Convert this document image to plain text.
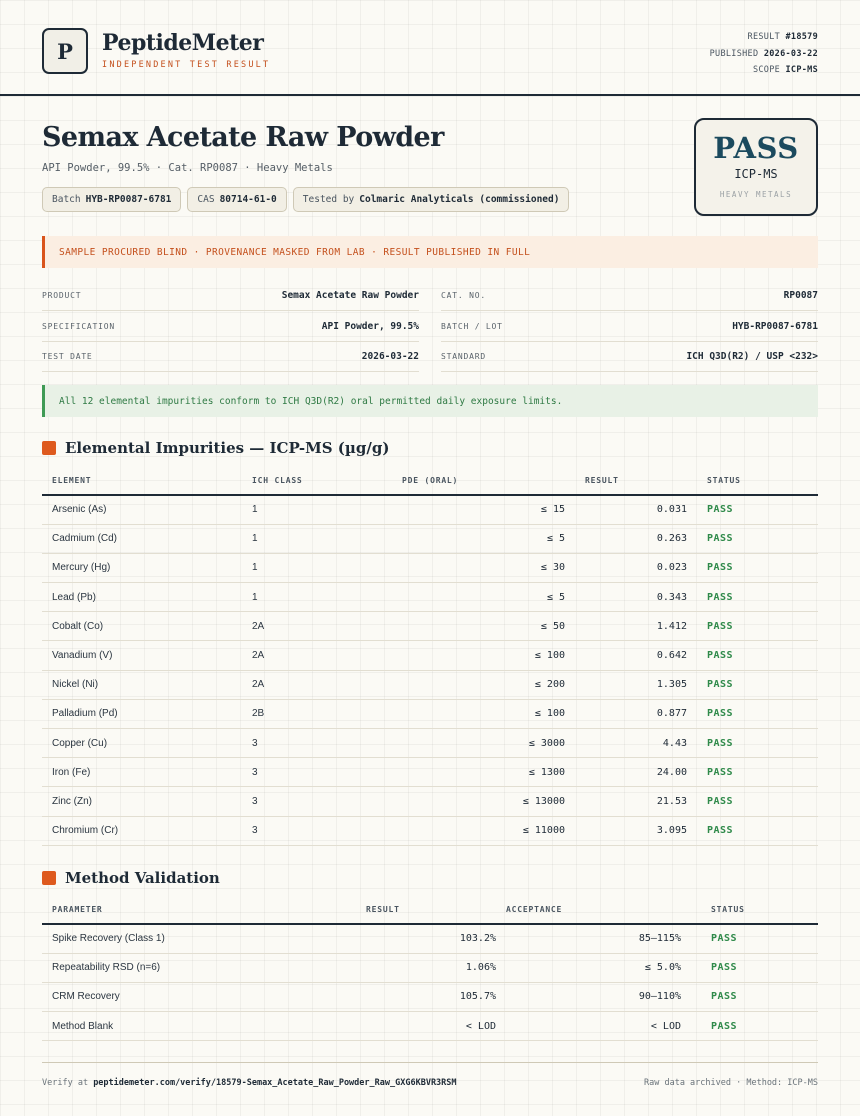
P	PeptideMeter
INDEPENDENT TEST RESULT
RESULT #18579
PUBLISHED 2026-03-22
SCOPE ICP-MS
Semax Acetate Raw Powder
API Powder, 99.5% · Cat. RP0087 · Heavy Metals
Batch HYB-RP0087-6781	CAS 80714-61-0	Tested by Colmaric Analyticals (commissioned)
PASS
ICP-MS
HEAVY METALS
SAMPLE PROCURED BLIND · PROVENANCE MASKED FROM LAB · RESULT PUBLISHED IN FULL
PRODUCT	Semax Acetate Raw Powder	CAT. NO.	RP0087
SPECIFICATION	API Powder, 99.5%	BATCH / LOT	HYB-RP0087-6781
TEST DATE	2026-03-22	STANDARD	ICH Q3D(R2) / USP <232>
All 12 elemental impurities conform to ICH Q3D(R2) oral permitted daily exposure limits.
Elemental Impurities — ICP-MS (µg/g)
ELEMENT	ICH CLASS	PDE (ORAL)	RESULT	STATUS
Arsenic (As)	1	≤ 15	0.031	PASS
Cadmium (Cd)	1	≤ 5	0.263	PASS
Mercury (Hg)	1	≤ 30	0.023	PASS
Lead (Pb)	1	≤ 5	0.343	PASS
Cobalt (Co)	2A	≤ 50	1.412	PASS
Vanadium (V)	2A	≤ 100	0.642	PASS
Nickel (Ni)	2A	≤ 200	1.305	PASS
Palladium (Pd)	2B	≤ 100	0.877	PASS
Copper (Cu)	3	≤ 3000	4.43	PASS
Iron (Fe)	3	≤ 1300	24.00	PASS
Zinc (Zn)	3	≤ 13000	21.53	PASS
Chromium (Cr)	3	≤ 11000	3.095	PASS
Method Validation
PARAMETER	RESULT	ACCEPTANCE	STATUS
Spike Recovery (Class 1)	103.2%	85–115%	PASS
Repeatability RSD (n=6)	1.06%	≤ 5.0%	PASS
CRM Recovery	105.7%	90–110%	PASS
Method Blank	< LOD	< LOD	PASS
Verify at peptidemeter.com/verify/18579-Semax_Acetate_Raw_Powder_Raw_GXG6KBVR3RSM	Raw data archived · Method: ICP-MS
